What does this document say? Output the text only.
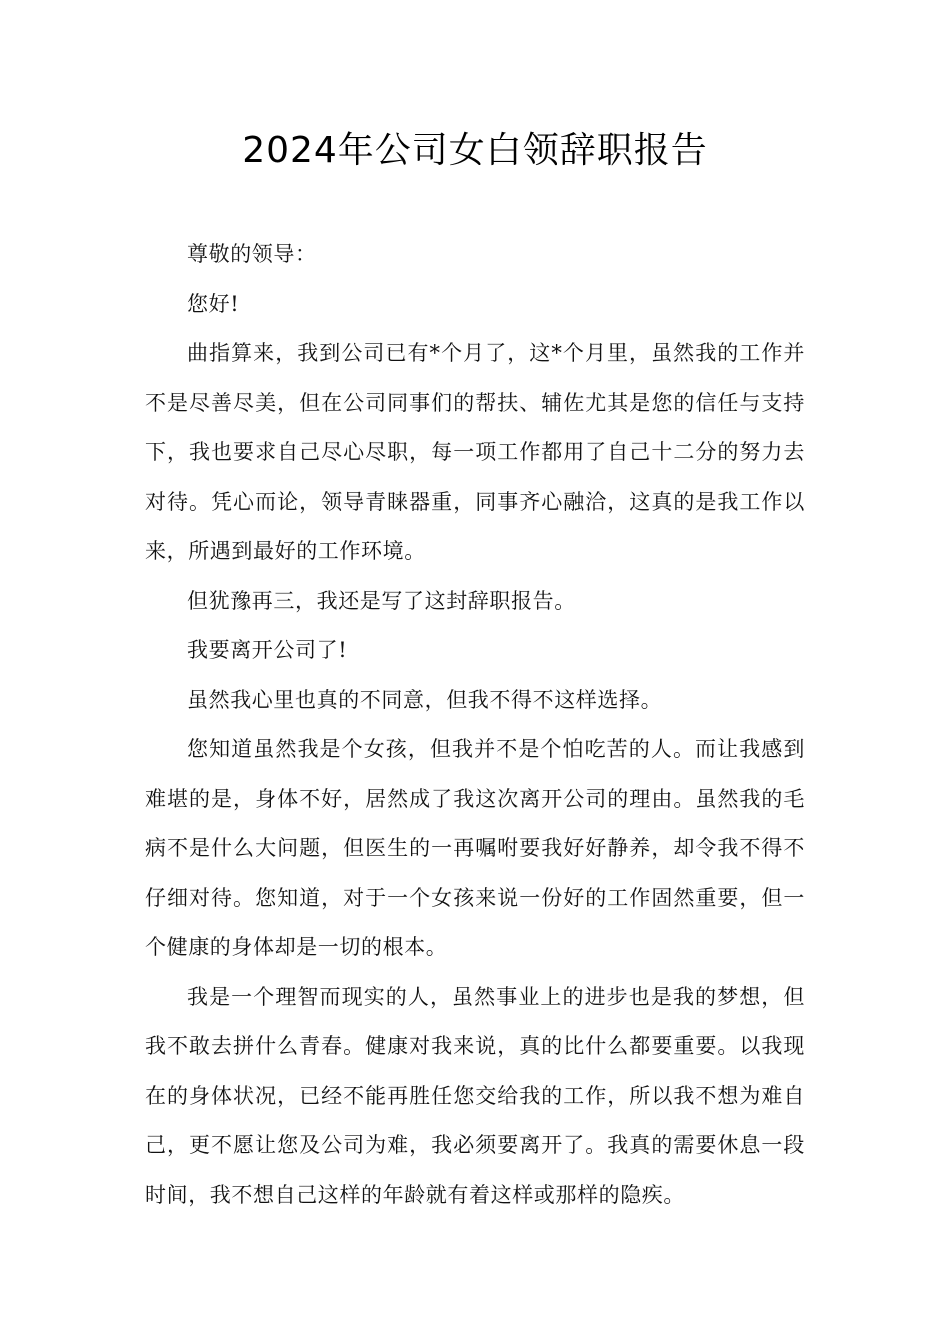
2024年公司女白领辞职报告

尊敬的领导：

您好!

曲指算来，我到公司已有*个月了，这*个月里，虽然我的工作并不是尽善尽美，但在公司同事们的帮扶、辅佐尤其是您的信任与支持下，我也要求自己尽心尽职，每一项工作都用了自己十二分的努力去对待。凭心而论，领导青睐器重，同事齐心融洽，这真的是我工作以来，所遇到最好的工作环境。

但犹豫再三，我还是写了这封辞职报告。

我要离开公司了!

虽然我心里也真的不同意，但我不得不这样选择。

您知道虽然我是个女孩，但我并不是个怕吃苦的人。而让我感到难堪的是，身体不好，居然成了我这次离开公司的理由。虽然我的毛病不是什么大问题，但医生的一再嘱咐要我好好静养，却令我不得不仔细对待。您知道，对于一个女孩来说一份好的工作固然重要，但一个健康的身体却是一切的根本。

我是一个理智而现实的人，虽然事业上的进步也是我的梦想，但我不敢去拼什么青春。健康对我来说，真的比什么都要重要。以我现在的身体状况，已经不能再胜任您交给我的工作，所以我不想为难自己，更不愿让您及公司为难，我必须要离开了。我真的需要休息一段时间，我不想自己这样的年龄就有着这样或那样的隐疾。
